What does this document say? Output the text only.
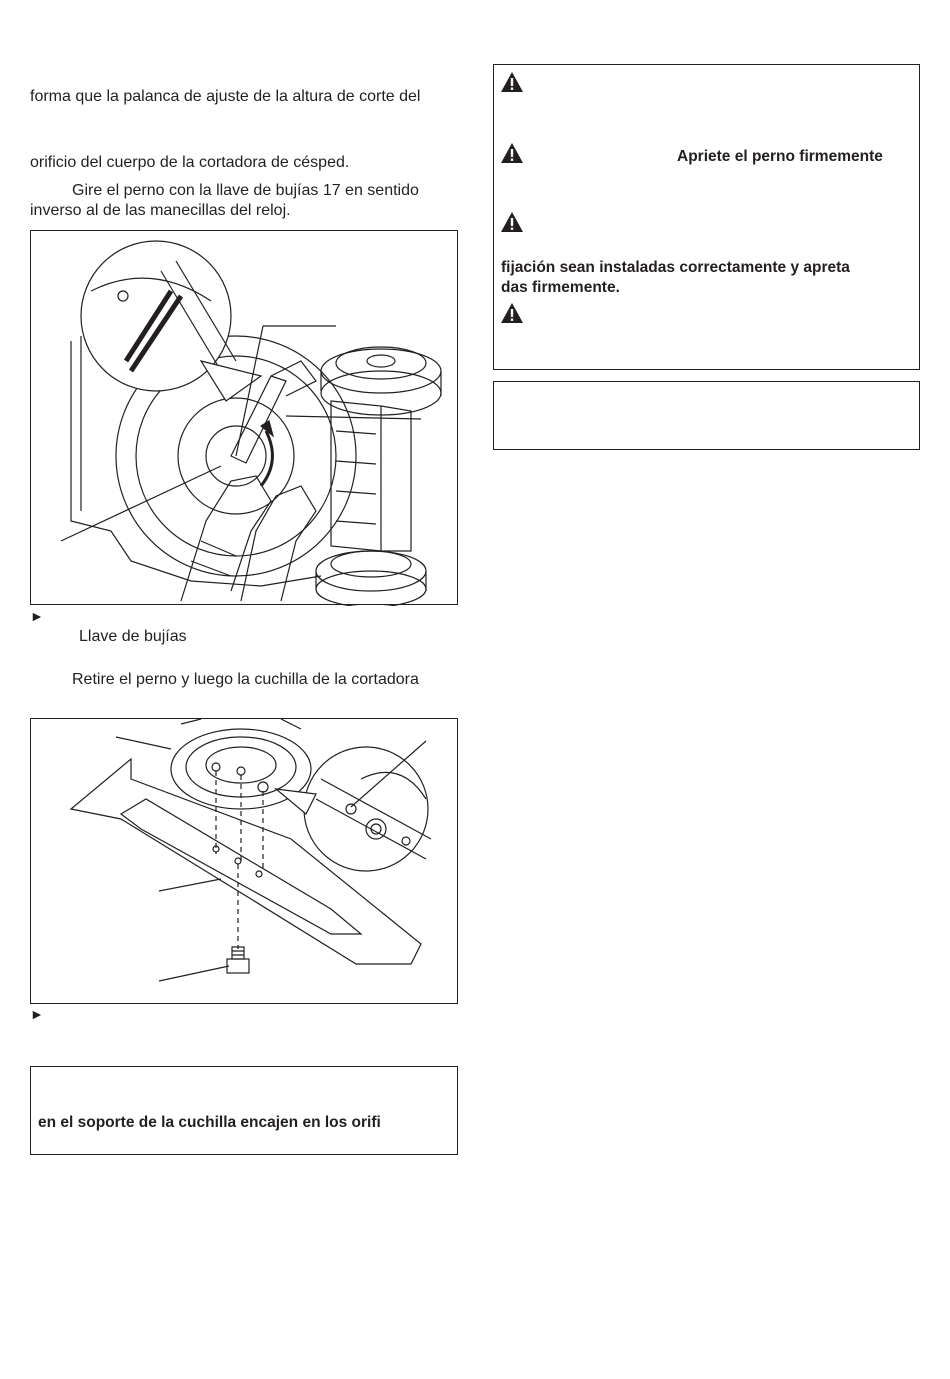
forma que la palanca de ajuste de la altura de corte del
orificio del cuerpo de la cortadora de césped.
Gire el perno con la llave de bujías 17 en sentido
inverso al de las manecillas del reloj.
►
Llave de bujías
Retire el perno y luego la cuchilla de la cortadora
►
en el soporte de la cuchilla encajen en los orifi
Apriete el perno firmemente
fijación sean instaladas correctamente y apreta
das firmemente.
